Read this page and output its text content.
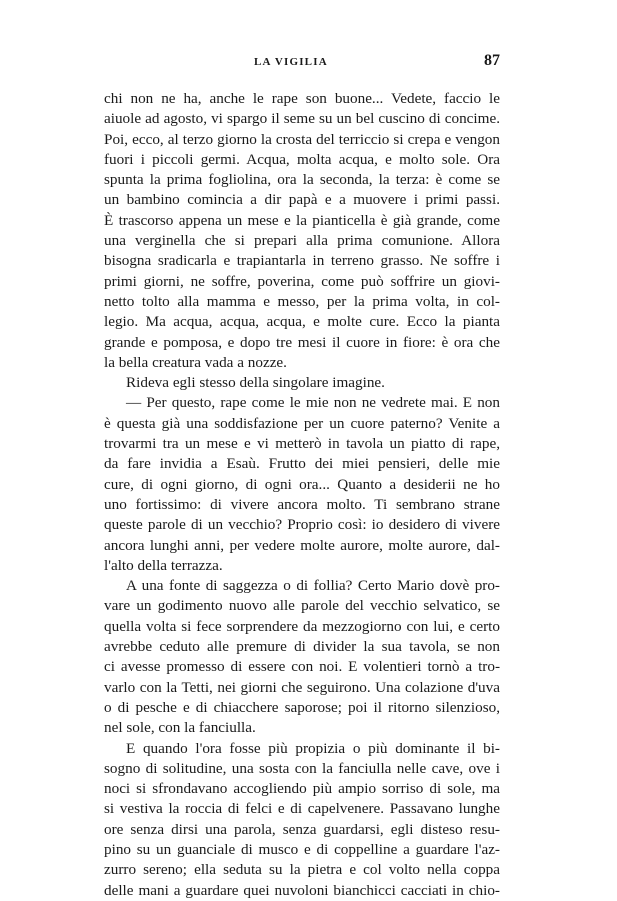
LA VIGILIA	87
chi non ne ha, anche le rape son buone... Vedete, faccio le
aiuole ad agosto, vi spargo il seme su un bel cuscino di concime.
Poi, ecco, al terzo giorno la crosta del terriccio si crepa e vengon
fuori i piccoli germi. Acqua, molta acqua, e molto sole. Ora
spunta la prima fogliolina, ora la seconda, la terza: è come se
un bambino comincia a dir papà e a muovere i primi passi.
È trascorso appena un mese e la pianticella è già grande, come
una verginella che si prepari alla prima comunione. Allora
bisogna sradicarla e trapiantarla in terreno grasso. Ne soffre i
primi giorni, ne soffre, poverina, come può soffrire un giovi-
netto tolto alla mamma e messo, per la prima volta, in col-
legio. Ma acqua, acqua, acqua, e molte cure. Ecco la pianta
grande e pomposa, e dopo tre mesi il cuore in fiore: è ora che
la bella creatura vada a nozze.
Rideva egli stesso della singolare imagine.
— Per questo, rape come le mie non ne vedrete mai. E non
è questa già una soddisfazione per un cuore paterno? Venite a
trovarmi tra un mese e vi metterò in tavola un piatto di rape,
da fare invidia a Esaù. Frutto dei miei pensieri, delle mie
cure, di ogni giorno, di ogni ora... Quanto a desiderii ne ho
uno fortissimo: di vivere ancora molto. Ti sembrano strane
queste parole di un vecchio? Proprio così: io desidero di vivere
ancora lunghi anni, per vedere molte aurore, molte aurore, dal-
l'alto della terrazza.
A una fonte di saggezza o di follia? Certo Mario dovè pro-
vare un godimento nuovo alle parole del vecchio selvatico, se
quella volta si fece sorprendere da mezzogiorno con lui, e certo
avrebbe ceduto alle premure di divider la sua tavola, se non
ci avesse promesso di essere con noi. E volentieri tornò a tro-
varlo con la Tetti, nei giorni che seguirono. Una colazione d'uva
o di pesche e di chiacchere saporose; poi il ritorno silenzioso,
nel sole, con la fanciulla.
E quando l'ora fosse più propizia o più dominante il bi-
sogno di solitudine, una sosta con la fanciulla nelle cave, ove i
noci si sfrondavano accogliendo più ampio sorriso di sole, ma
si vestiva la roccia di felci e di capelvenere. Passavano lunghe
ore senza dirsi una parola, senza guardarsi, egli disteso resu-
pino su un guanciale di musco e di coppelline a guardare l'az-
zurro sereno; ella seduta su la pietra e col volto nella coppa
delle mani a guardare quei nuvoloni bianchicci cacciati in chio-
